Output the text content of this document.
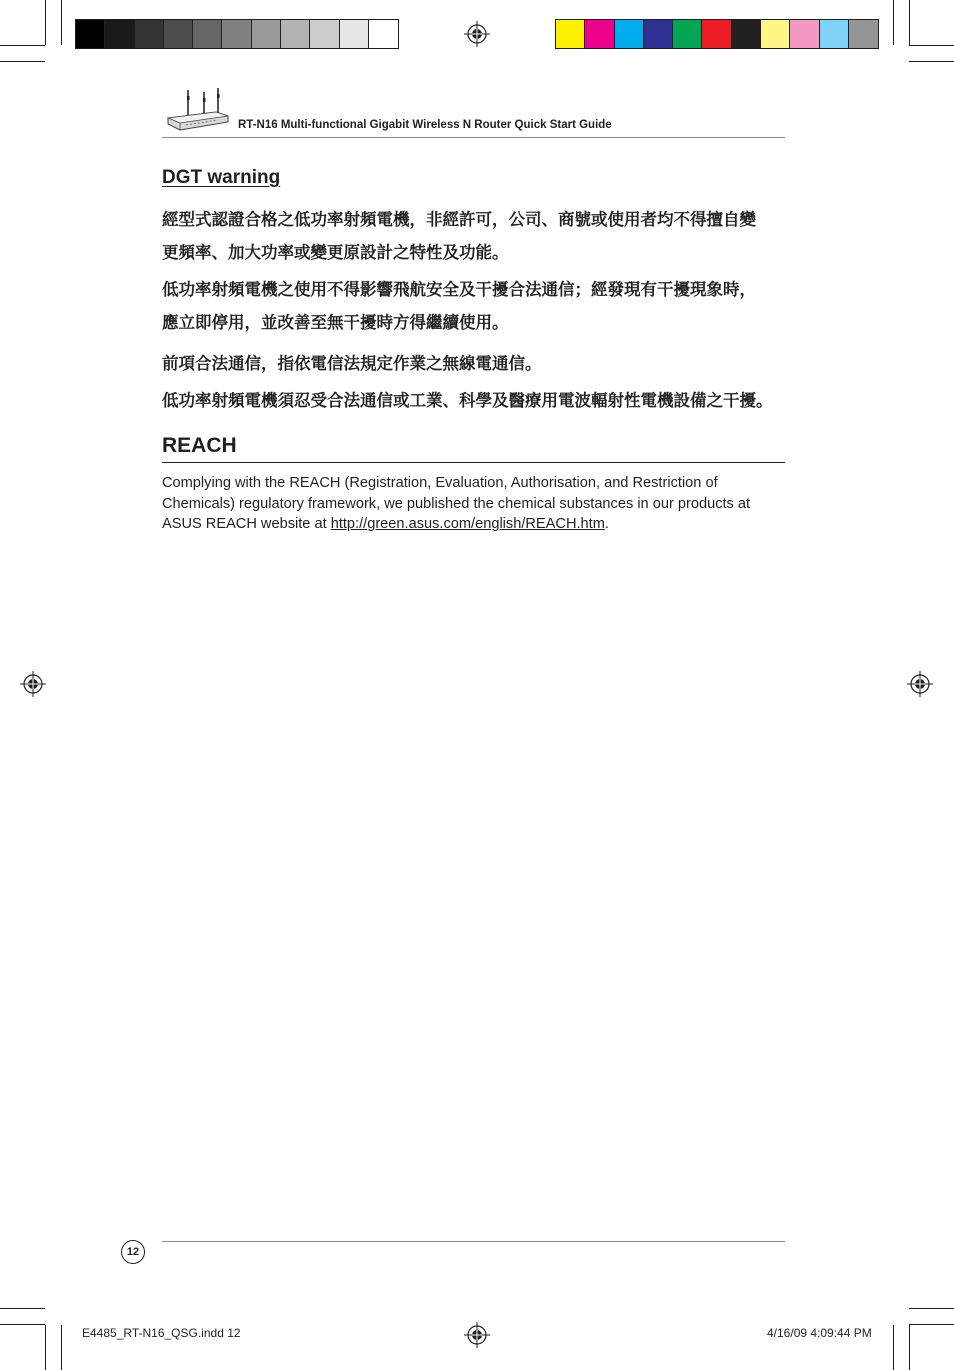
RT-N16 Multi-functional Gigabit Wireless N Router Quick Start Guide
DGT warning
經型式認證合格之低功率射頻電機，非經許可，公司、商號或使用者均不得擅自變
更頻率、加大功率或變更原設計之特性及功能。
低功率射頻電機之使用不得影響飛航安全及干擾合法通信；經發現有干擾現象時，
應立即停用，並改善至無干擾時方得繼續使用。
前項合法通信，指依電信法規定作業之無線電通信。
低功率射頻電機須忍受合法通信或工業、科學及醫療用電波輻射性電機設備之干擾。
REACH
Complying with the REACH (Registration, Evaluation, Authorisation, and Restriction of Chemicals) regulatory framework, we published the chemical substances in our products at ASUS REACH website at http://green.asus.com/english/REACH.htm.
12
E4485_RT-N16_QSG.indd 12	4/16/09 4:09:44 PM
